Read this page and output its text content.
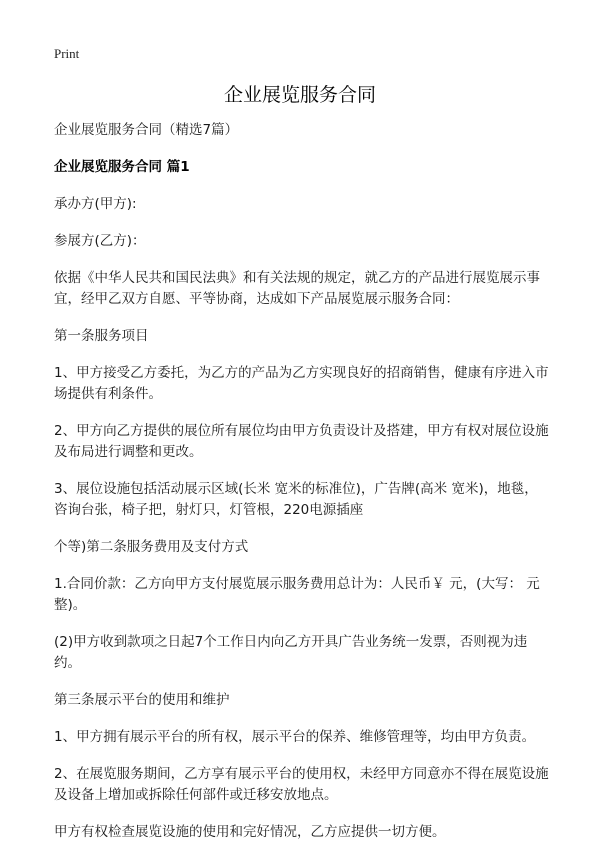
Print
企业展览服务合同

企业展览服务合同（精选7篇）

企业展览服务合同 篇1

承办方(甲方):

参展方(乙方)：

依据《中华人民共和国民法典》和有关法规的规定，就乙方的产品进行展览展示事宜，经甲乙双方自愿、平等协商，达成如下产品展览展示服务合同：

第一条服务项目

1、甲方接受乙方委托，为乙方的产品为乙方实现良好的招商销售，健康有序进入市场提供有利条件。

2、甲方向乙方提供的展位所有展位均由甲方负责设计及搭建，甲方有权对展位设施及布局进行调整和更改。

3、展位设施包括活动展示区域(长米 宽米的标准位)，广告牌(高米 宽米)，地毯，咨询台张，椅子把，射灯只，灯管根，220电源插座

个等)第二条服务费用及支付方式

1.合同价款：乙方向甲方支付展览展示服务费用总计为：人民币￥ 元，(大写： 元整)。

(2)甲方收到款项之日起7个工作日内向乙方开具广告业务统一发票，否则视为违约。

第三条展示平台的使用和维护

1、甲方拥有展示平台的所有权，展示平台的保养、维修管理等，均由甲方负责。

2、在展览服务期间，乙方享有展示平台的使用权，未经甲方同意亦不得在展览设施及设备上增加或拆除任何部件或迁移安放地点。

甲方有权检查展览设施的使用和完好情况，乙方应提供一切方便。
